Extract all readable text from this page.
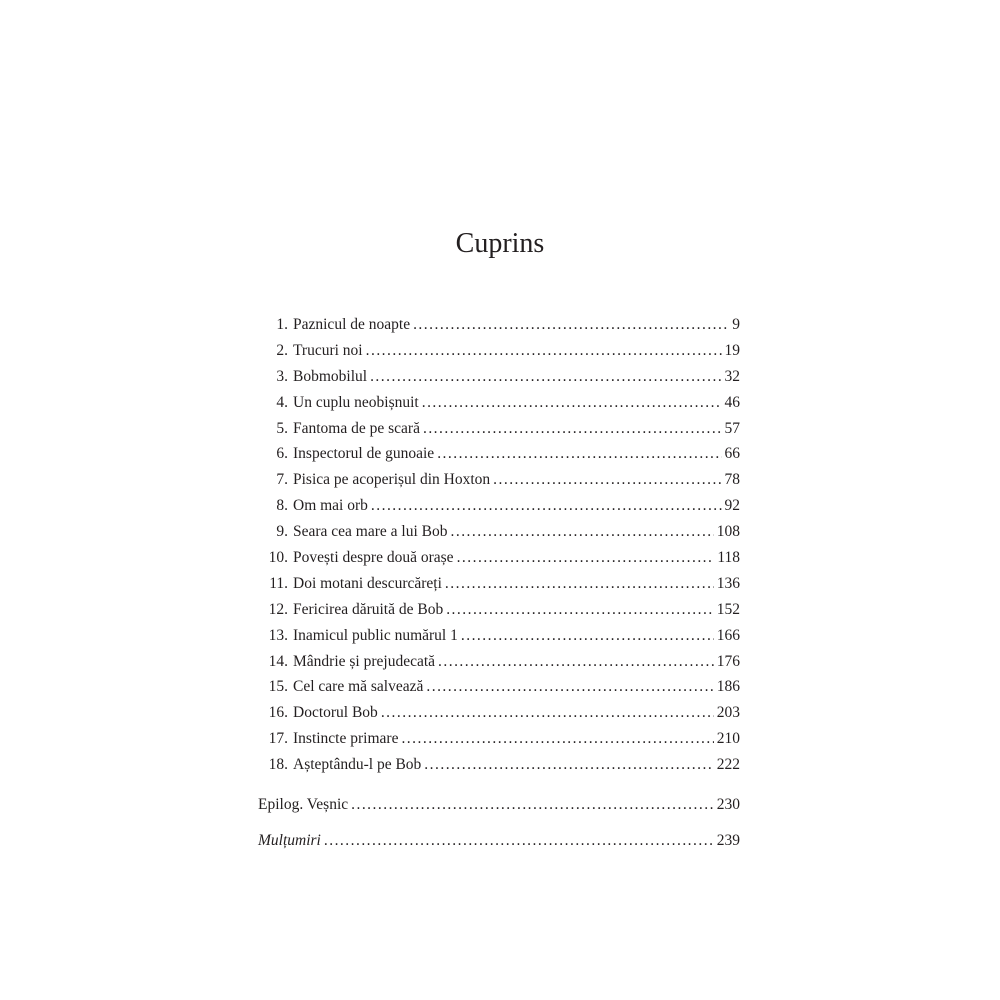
Cuprins
1. Paznicul de noapte . . .	9
2. Trucuri noi . . .	19
3. Bobmobilul . . .	32
4. Un cuplu neobișnuit . . .	46
5. Fantoma de pe scară . . .	57
6. Inspectorul de gunoaie . . .	66
7. Pisica pe acoperișul din Hoxton . . .	78
8. Om mai orb . . .	92
9. Seara cea mare a lui Bob . . .	108
10. Povești despre două orașe . . .	118
11. Doi motani descurcăreți . . .	136
12. Fericirea dăruită de Bob . . .	152
13. Inamicul public numărul 1 . . .	166
14. Mândrie și prejudecată . . .	176
15. Cel care mă salvează . . .	186
16. Doctorul Bob . . .	203
17. Instincte primare . . .	210
18. Așteptându-l pe Bob . . .	222
Epilog. Veșnic . . .	230
Mulțumiri . . .	239
